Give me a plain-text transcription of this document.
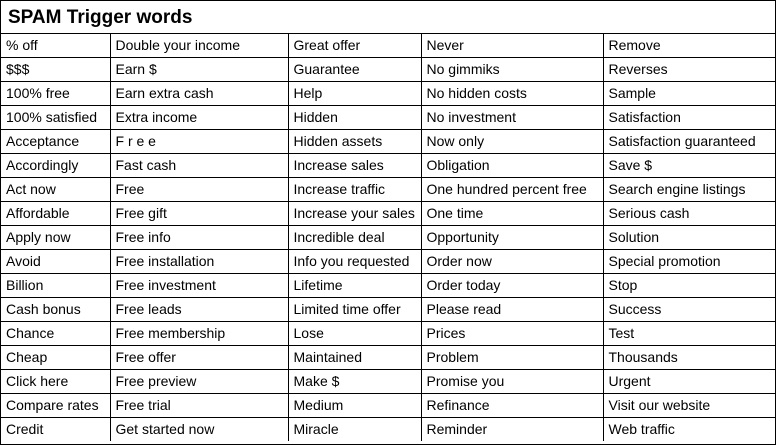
SPAM Trigger words
% off	Double your income	Great offer	Never	Remove
$$$	Earn $	Guarantee	No gimmiks	Reverses
100% free	Earn extra cash	Help	No hidden costs	Sample
100% satisfied	Extra income	Hidden	No investment	Satisfaction
Acceptance	F r e e	Hidden assets	Now only	Satisfaction guaranteed
Accordingly	Fast cash	Increase sales	Obligation	Save $
Act now	Free	Increase traffic	One hundred percent free	Search engine listings
Affordable	Free gift	Increase your sales	One time	Serious cash
Apply now	Free info	Incredible deal	Opportunity	Solution
Avoid	Free installation	Info you requested	Order now	Special promotion
Billion	Free investment	Lifetime	Order today	Stop
Cash bonus	Free leads	Limited time offer	Please read	Success
Chance	Free membership	Lose	Prices	Test
Cheap	Free offer	Maintained	Problem	Thousands
Click here	Free preview	Make $	Promise you	Urgent
Compare rates	Free trial	Medium	Refinance	Visit our website
Credit	Get started now	Miracle	Reminder	Web traffic
